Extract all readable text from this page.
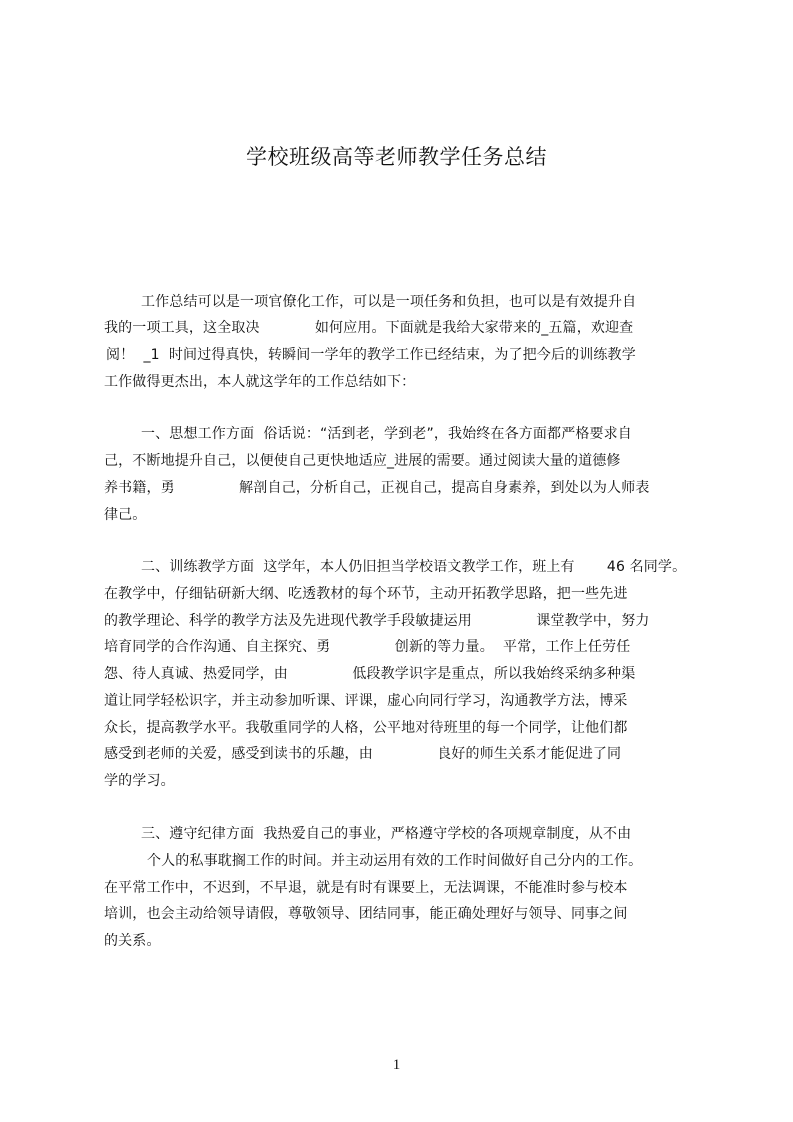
学校班级高等老师教学任务总结
工作总结可以是一项官僚化工作，可以是一项任务和负担，也可以是有效提升自
我的一项工具，这全取决            如何应用。下面就是我给大家带来的_五篇，欢迎查
阅！  _1  时间过得真快，转瞬间一学年的教学工作已经结束，为了把今后的训练教学
工作做得更杰出，本人就这学年的工作总结如下：
一、思想工作方面  俗话说：“活到老，学到老”，我始终在各方面都严格要求自
己，不断地提升自己，以便使自己更快地适应_进展的需要。通过阅读大量的道德修
养书籍，勇              解剖自己，分析自己，正视自己，提高自身素养，到处以为人师表
律己。
二、训练教学方面  这学年，本人仍旧担当学校语文教学工作，班上有       46 名同学。
在教学中，仔细钻研新大纲、吃透教材的每个环节，主动开拓教学思路，把一些先进
的教学理论、科学的教学方法及先进现代教学手段敏捷运用              课堂教学中，努力
培育同学的合作沟通、自主探究、勇              创新的等力量。  平常，工作上任劳任
怨、待人真诚、热爱同学，由              低段教学识字是重点，所以我始终采纳多种渠
道让同学轻松识字，并主动参加听课、评课，虚心向同行学习，沟通教学方法，博采
众长，提高教学水平。我敬重同学的人格，公平地对待班里的每一个同学，让他们都
感受到老师的关爱，感受到读书的乐趣，由              良好的师生关系才能促进了同
学的学习。
三、遵守纪律方面  我热爱自己的事业，严格遵守学校的各项规章制度，从不由
个人的私事耽搁工作的时间。并主动运用有效的工作时间做好自己分内的工作。
在平常工作中，不迟到，不早退，就是有时有课要上，无法调课，不能准时参与校本
培训，也会主动给领导请假，尊敬领导、团结同事，能正确处理好与领导、同事之间
的关系。
1
